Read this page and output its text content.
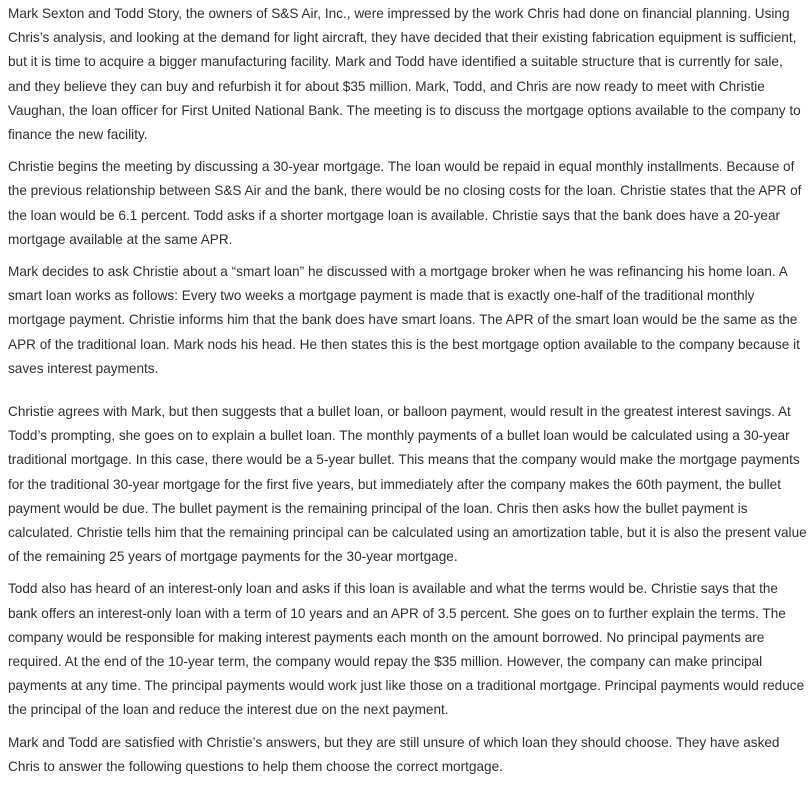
Mark Sexton and Todd Story, the owners of S&S Air, Inc., were impressed by the work Chris had done on financial planning. Using Chris’s analysis, and looking at the demand for light aircraft, they have decided that their existing fabrication equipment is sufficient, but it is time to acquire a bigger manufacturing facility. Mark and Todd have identified a suitable structure that is currently for sale, and they believe they can buy and refurbish it for about $35 million. Mark, Todd, and Chris are now ready to meet with Christie Vaughan, the loan officer for First United National Bank. The meeting is to discuss the mortgage options available to the company to finance the new facility.

Christie begins the meeting by discussing a 30-year mortgage. The loan would be repaid in equal monthly installments. Because of the previous relationship between S&S Air and the bank, there would be no closing costs for the loan. Christie states that the APR of the loan would be 6.1 percent. Todd asks if a shorter mortgage loan is available. Christie says that the bank does have a 20-year mortgage available at the same APR.

Mark decides to ask Christie about a “smart loan” he discussed with a mortgage broker when he was refinancing his home loan. A smart loan works as follows: Every two weeks a mortgage payment is made that is exactly one-half of the traditional monthly mortgage payment. Christie informs him that the bank does have smart loans. The APR of the smart loan would be the same as the APR of the traditional loan. Mark nods his head. He then states this is the best mortgage option available to the company because it saves interest payments.

Christie agrees with Mark, but then suggests that a bullet loan, or balloon payment, would result in the greatest interest savings. At Todd’s prompting, she goes on to explain a bullet loan. The monthly payments of a bullet loan would be calculated using a 30-year traditional mortgage. In this case, there would be a 5-year bullet. This means that the company would make the mortgage payments for the traditional 30-year mortgage for the first five years, but immediately after the company makes the 60th payment, the bullet payment would be due. The bullet payment is the remaining principal of the loan. Chris then asks how the bullet payment is calculated. Christie tells him that the remaining principal can be calculated using an amortization table, but it is also the present value of the remaining 25 years of mortgage payments for the 30-year mortgage.

Todd also has heard of an interest-only loan and asks if this loan is available and what the terms would be. Christie says that the bank offers an interest-only loan with a term of 10 years and an APR of 3.5 percent. She goes on to further explain the terms. The company would be responsible for making interest payments each month on the amount borrowed. No principal payments are required. At the end of the 10-year term, the company would repay the $35 million. However, the company can make principal payments at any time. The principal payments would work just like those on a traditional mortgage. Principal payments would reduce the principal of the loan and reduce the interest due on the next payment.

Mark and Todd are satisfied with Christie’s answers, but they are still unsure of which loan they should choose. They have asked Chris to answer the following questions to help them choose the correct mortgage.
